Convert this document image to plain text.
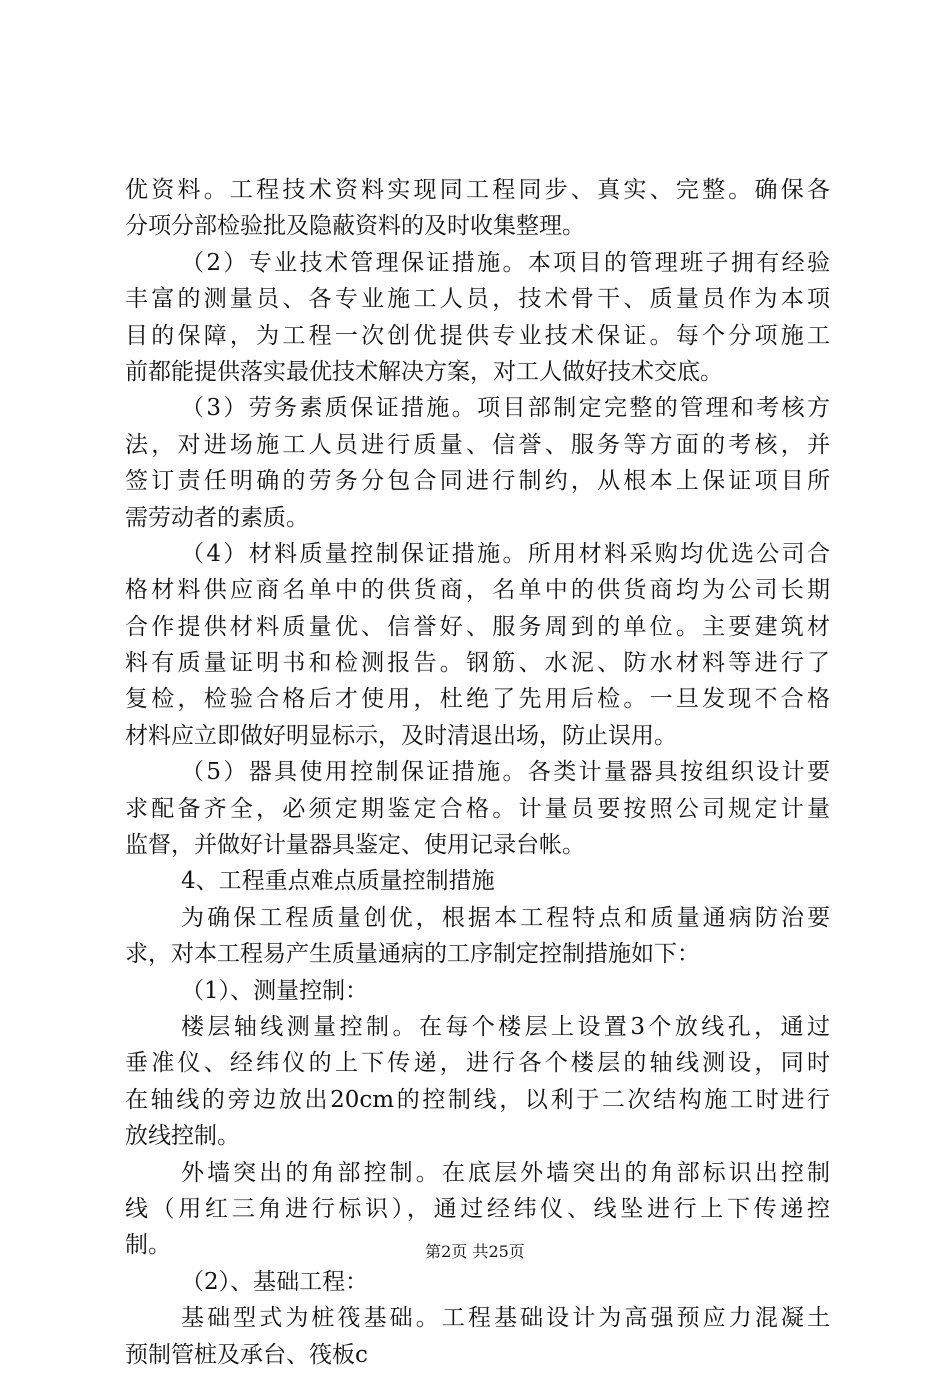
优资料。工程技术资料实现同工程同步、真实、完整。确保各
分项分部检验批及隐蔽资料的及时收集整理。
（2）专业技术管理保证措施。本项目的管理班子拥有经验
丰富的测量员、各专业施工人员，技术骨干、质量员作为本项
目的保障，为工程一次创优提供专业技术保证。每个分项施工
前都能提供落实最优技术解决方案，对工人做好技术交底。
（3）劳务素质保证措施。项目部制定完整的管理和考核方
法，对进场施工人员进行质量、信誉、服务等方面的考核，并
签订责任明确的劳务分包合同进行制约，从根本上保证项目所
需劳动者的素质。
（4）材料质量控制保证措施。所用材料采购均优选公司合
格材料供应商名单中的供货商，名单中的供货商均为公司长期
合作提供材料质量优、信誉好、服务周到的单位。主要建筑材
料有质量证明书和检测报告。钢筋、水泥、防水材料等进行了
复检，检验合格后才使用，杜绝了先用后检。一旦发现不合格
材料应立即做好明显标示，及时清退出场，防止误用。
（5）器具使用控制保证措施。各类计量器具按组织设计要
求配备齐全，必须定期鉴定合格。计量员要按照公司规定计量
监督，并做好计量器具鉴定、使用记录台帐。
4、工程重点难点质量控制措施
为确保工程质量创优，根据本工程特点和质量通病防治要
求，对本工程易产生质量通病的工序制定控制措施如下：
（1）、测量控制：
楼层轴线测量控制。在每个楼层上设置3个放线孔，通过
垂准仪、经纬仪的上下传递，进行各个楼层的轴线测设，同时
在轴线的旁边放出20cm的控制线，以利于二次结构施工时进行
放线控制。
外墙突出的角部控制。在底层外墙突出的角部标识出控制
线（用红三角进行标识），通过经纬仪、线坠进行上下传递控
制。
（2）、基础工程：
基础型式为桩筏基础。工程基础设计为高强预应力混凝土
预制管桩及承台、筏板c
第2页 共25页
